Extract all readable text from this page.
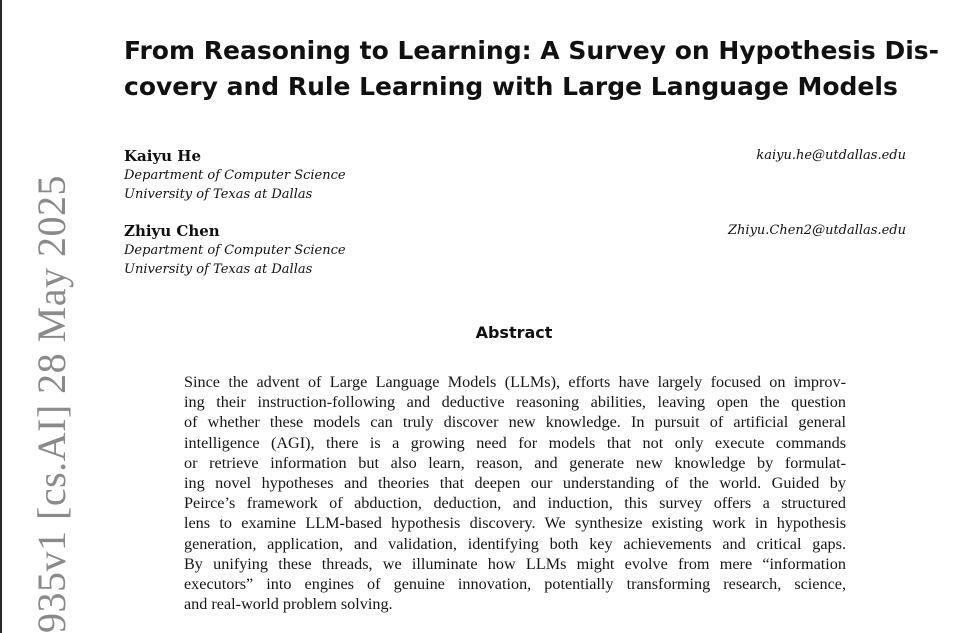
935v1 [cs.AI] 28 May 2025
From Reasoning to Learning: A Survey on Hypothesis Dis-
covery and Rule Learning with Large Language Models
Kaiyu He	kaiyu.he@utdallas.edu
Department of Computer Science
University of Texas at Dallas
Zhiyu Chen	Zhiyu.Chen2@utdallas.edu
Department of Computer Science
University of Texas at Dallas
Abstract
Since the advent of Large Language Models (LLMs), efforts have largely focused on improv-
ing their instruction-following and deductive reasoning abilities, leaving open the question
of whether these models can truly discover new knowledge. In pursuit of artificial general
intelligence (AGI), there is a growing need for models that not only execute commands
or retrieve information but also learn, reason, and generate new knowledge by formulat-
ing novel hypotheses and theories that deepen our understanding of the world. Guided by
Peirce’s framework of abduction, deduction, and induction, this survey offers a structured
lens to examine LLM-based hypothesis discovery. We synthesize existing work in hypothesis
generation, application, and validation, identifying both key achievements and critical gaps.
By unifying these threads, we illuminate how LLMs might evolve from mere “information
executors” into engines of genuine innovation, potentially transforming research, science,
and real-world problem solving.
